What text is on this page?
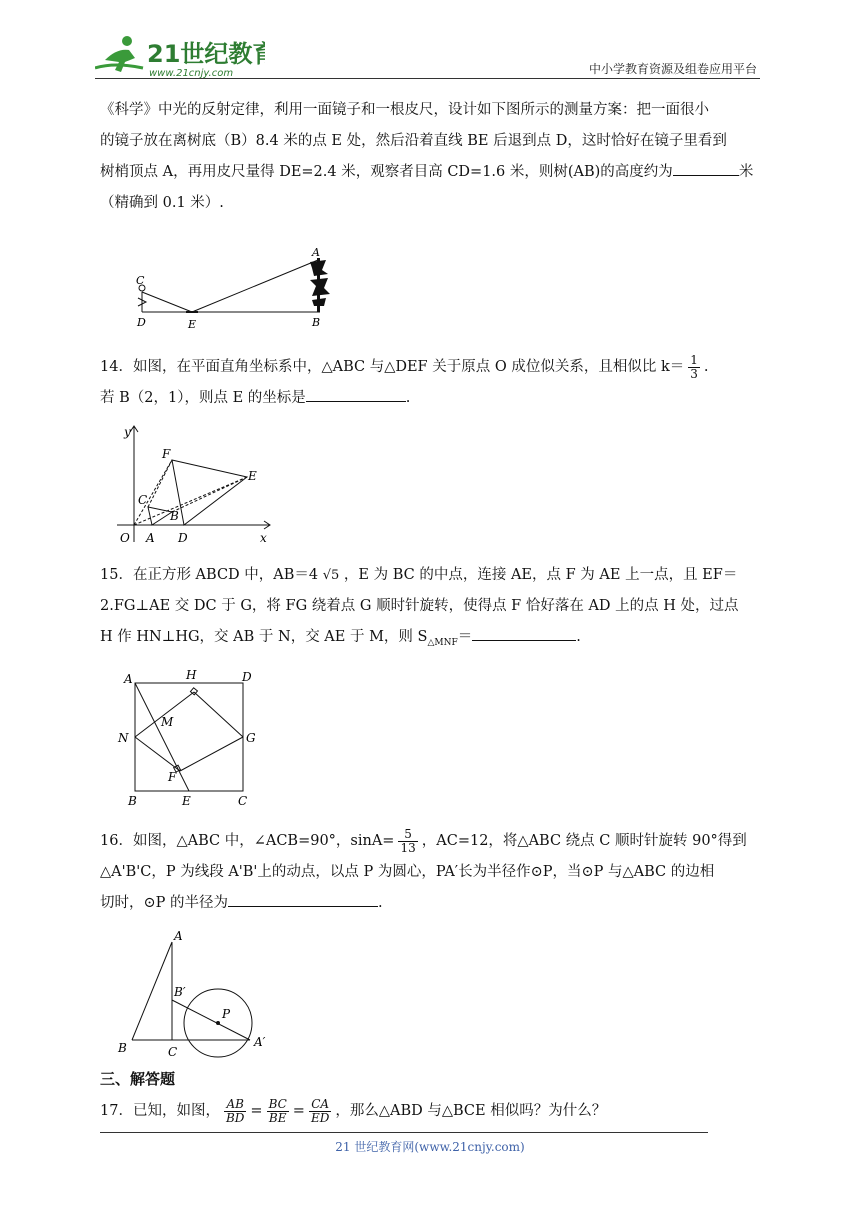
21世纪教育
www.21cnjy.com	中小学教育资源及组卷应用平台

《科学》中光的反射定律，利用一面镜子和一根皮尺，设计如下图所示的测量方案：把一面很小

的镜子放在离树底（B）8.4 米的点 E 处，然后沿着直线 BE 后退到点 D，这时恰好在镜子里看到

树梢顶点 A，再用皮尺量得 DE=2.4 米，观察者目高 CD=1.6 米，则树(AB)的高度约为	米

（精确到 0.1 米）.

C
D	E
A
B

14．如图，在平面直角坐标系中，△ABC 与△DEF 关于原点 O 成位似关系，且相似比 $k= \frac{1}{3}$ .

若 B（2，1），则点 E 的坐标是	.

y
x
O A
B
C
D
E
F

15．在正方形 ABCD 中，AB＝4 √5 ，E 为 BC 的中点，连接 AE，点 F 为 AE 上一点，且 EF＝

2.FG⊥AE 交 DC 于 G，将 FG 绕着点 G 顺时针旋转，使得点 F 恰好落在 AD 上的点 H 处，过点

H 作 HN⊥HG，交 AB 于 N，交 AE 于 M，则 $S_{\triangle MNF}=$	.

A	H	D
M
N	G
F
B	E	C

16．如图，△ABC 中，∠ACB=90°，$\sin A= \frac{5}{13}$ ，AC=12，将△ABC 绕点 C 顺时针旋转 90°得到

△A'B'C，P 为线段 A'B'上的动点，以点 P 为圆心，PA′长为半径作⊙P，当⊙P 与△ABC 的边相

切时，⊙P 的半径为	.

A
B′
P
B	C
A′
三、解答题

17．已知，如图， $\frac{AB}{BD} = \frac{BC}{BE} = \frac{CA}{ED}$ ，那么△ABD 与△BCE 相似吗？为什么？

21 世纪教育网(www.21cnjy.com)
